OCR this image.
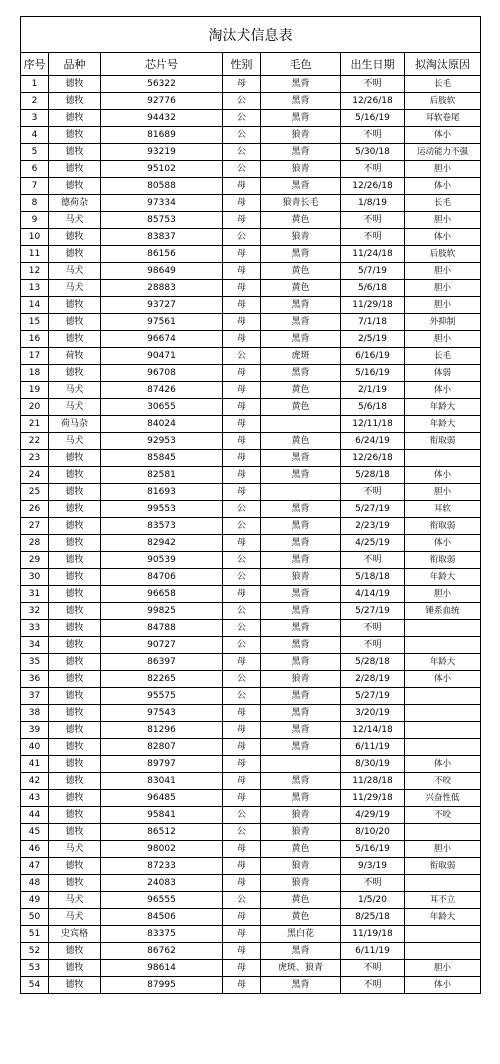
淘汰犬信息表						
序号	品种	芯片号	性别	毛色	出生日期	拟淘汰原因
1	德牧	56322	母	黑背	不明	长毛
2	德牧	92776	公	黑背	12/26/18	后肢软
3	德牧	94432	公	黑背	5/16/19	耳软卷尾
4	德牧	81689	公	狼青	不明	体小
5	德牧	93219	公	黑背	5/30/18	运动能力不强
6	德牧	95102	公	狼青	不明	胆小
7	德牧	80588	母	黑背	12/26/18	体小
8	德荷杂	97334	母	狼青长毛	1/8/19	长毛
9	马犬	85753	母	黄色	不明	胆小
10	德牧	83837	公	狼青	不明	体小
11	德牧	86156	母	黑背	11/24/18	后肢软
12	马犬	98649	母	黄色	5/7/19	胆小
13	马犬	28883	母	黄色	5/6/18	胆小
14	德牧	93727	母	黑背	11/29/18	胆小
15	德牧	97561	母	黑背	7/1/18	外抑制
16	德牧	96674	母	黑背	2/5/19	胆小
17	荷牧	90471	公	虎斑	6/16/19	长毛
18	德牧	96708	母	黑背	5/16/19	体弱
19	马犬	87426	母	黄色	2/1/19	体小
20	马犬	30655	母	黄色	5/6/18	年龄大
21	荷马杂	84024	母		12/11/18	年龄大
22	马犬	92953	母	黄色	6/24/19	衔取弱
23	德牧	85845	母	黑背	12/26/18	
24	德牧	82581	母	黑背	5/28/18	体小
25	德牧	81693	母		不明	胆小
26	德牧	99553	公	黑背	5/27/19	耳软
27	德牧	83573	公	黑背	2/23/19	衔取弱
28	德牧	82942	母	黑背	4/25/19	体小
29	德牧	90539	公	黑背	不明	衔取弱
30	德牧	84706	公	狼青	5/18/18	年龄大
31	德牧	96658	母	黑背	4/14/19	胆小
32	德牧	99825	公	黑背	5/27/19	锤系血统
33	德牧	84788	公	黑背	不明	
34	德牧	90727	公	黑背	不明	
35	德牧	86397	母	黑背	5/28/18	年龄大
36	德牧	82265	公	狼青	2/28/19	体小
37	德牧	95575	公	黑背	5/27/19	
38	德牧	97543	母	黑背	3/20/19	
39	德牧	81296	母	黑背	12/14/18	
40	德牧	82807	母	黑背	6/11/19	
41	德牧	89797	母		8/30/19	体小
42	德牧	83041	母	黑背	11/28/18	不咬
43	德牧	96485	母	黑背	11/29/18	兴奋性低
44	德牧	95841	公	狼青	4/29/19	不咬
45	德牧	86512	公	狼青	8/10/20	
46	马犬	98002	母	黄色	5/16/19	胆小
47	德牧	87233	母	狼青	9/3/19	衔取弱
48	德牧	24083	母	狼青	不明	
49	马犬	96555	公	黄色	1/5/20	耳不立
50	马犬	84506	母	黄色	8/25/18	年龄大
51	史宾格	83375	母	黑白花	11/19/18	
52	德牧	86762	母	黑背	6/11/19	
53	德牧	98614	母	虎斑、狼青	不明	胆小
54	德牧	87995	母	黑背	不明	体小
